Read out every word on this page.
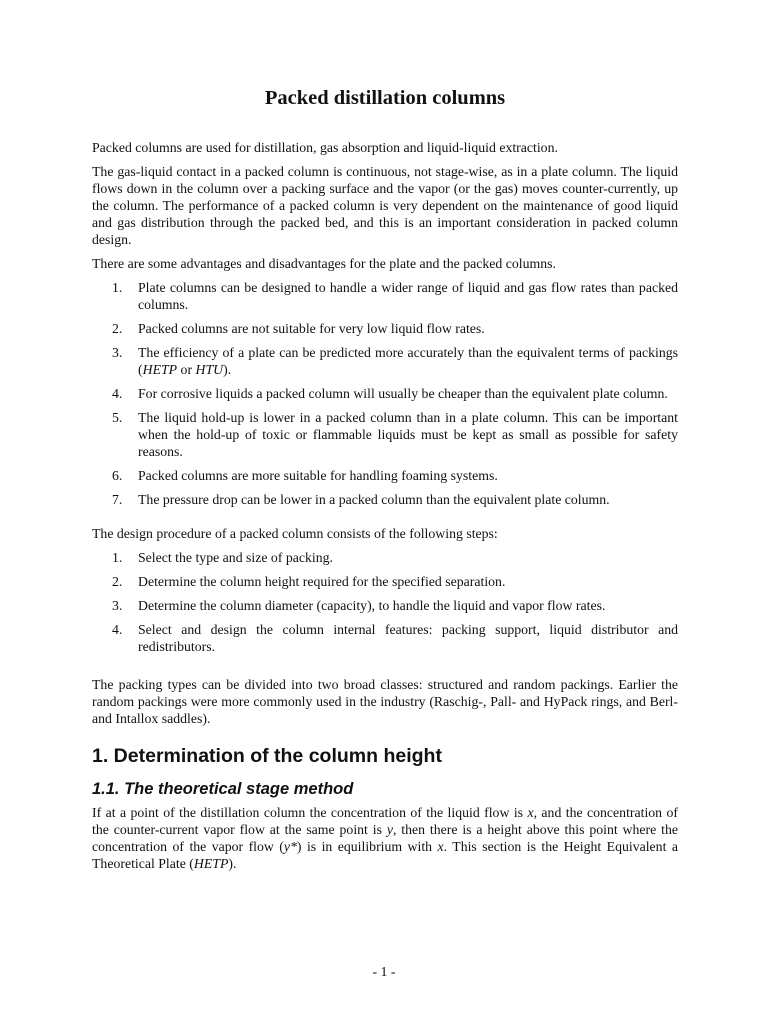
Packed distillation columns

Packed columns are used for distillation, gas absorption and liquid-liquid extraction.

The gas-liquid contact in a packed column is continuous, not stage-wise, as in a plate column. The liquid flows down in the column over a packing surface and the vapor (or the gas) moves counter-currently, up the column. The performance of a packed column is very dependent on the maintenance of good liquid and gas distribution through the packed bed, and this is an important consideration in packed column design.

There are some advantages and disadvantages for the plate and the packed columns.

1.	Plate columns can be designed to handle a wider range of liquid and gas flow rates than packed columns.
2.	Packed columns are not suitable for very low liquid flow rates.
3.	The efficiency of a plate can be predicted more accurately than the equivalent terms of packings (HETP or HTU).
4.	For corrosive liquids a packed column will usually be cheaper than the equivalent plate column.
5.	The liquid hold-up is lower in a packed column than in a plate column. This can be important when the hold-up of toxic or flammable liquids must be kept as small as possible for safety reasons.
6.	Packed columns are more suitable for handling foaming systems.
7.	The pressure drop can be lower in a packed column than the equivalent plate column.

The design procedure of a packed column consists of the following steps:

1.	Select the type and size of packing.
2.	Determine the column height required for the specified separation.
3.	Determine the column diameter (capacity), to handle the liquid and vapor flow rates.
4.	Select and design the column internal features: packing support, liquid distributor and redistributors.

The packing types can be divided into two broad classes: structured and random packings. Earlier the random packings were more commonly used in the industry (Raschig-, Pall- and HyPack rings, and Berl- and Intallox saddles).

1. Determination of the column height
1.1. The theoretical stage method

If at a point of the distillation column the concentration of the liquid flow is x, and the concentration of the counter-current vapor flow at the same point is y, then there is a height above this point where the concentration of the vapor flow (y*) is in equilibrium with x. This section is the Height Equivalent a Theoretical Plate (HETP).

- 1 -
